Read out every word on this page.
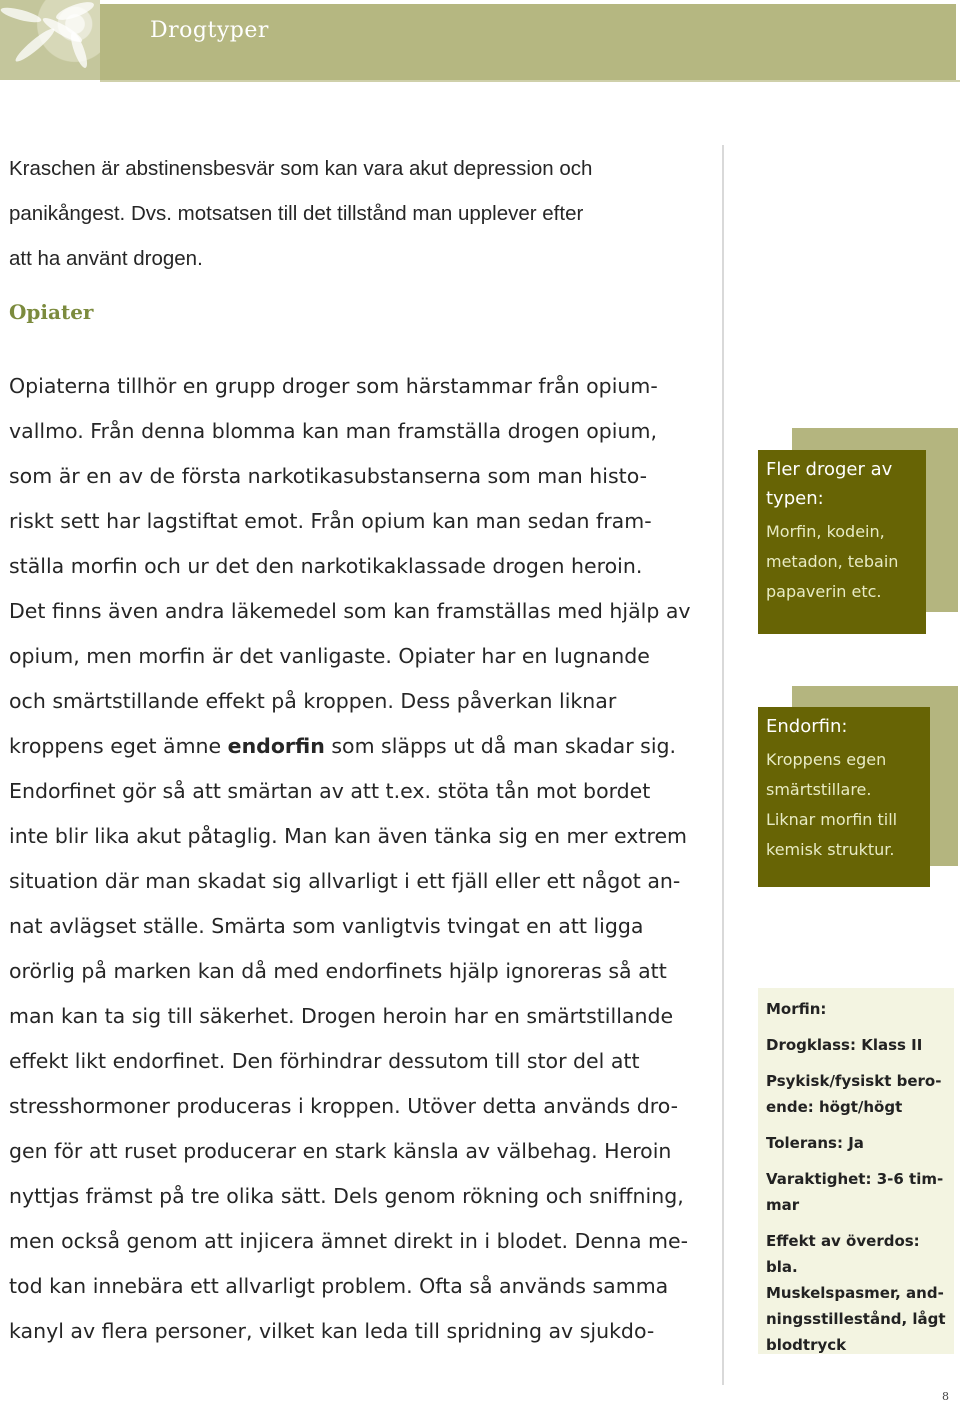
Drogtyper
Kraschen är abstinensbesvär som kan vara akut depression och
panikångest. Dvs. motsatsen till det tillstånd man upplever efter
att ha använt drogen.
Opiater
Opiaterna tillhör en grupp droger som härstammar från opium-
vallmo. Från denna blomma kan man framställa drogen opium,
som är en av de första narkotikasubstanserna som man histo-
riskt sett har lagstiftat emot. Från opium kan man sedan fram-
ställa morfin och ur det den narkotikaklassade drogen heroin.
Det finns även andra läkemedel som kan framställas med hjälp av
opium, men morfin är det vanligaste. Opiater har en lugnande
och smärtstillande effekt på kroppen. Dess påverkan liknar
kroppens eget ämne endorfin som släpps ut då man skadar sig.
Endorfinet gör så att smärtan av att t.ex. stöta tån mot bordet
inte blir lika akut påtaglig. Man kan även tänka sig en mer extrem
situation där man skadat sig allvarligt i ett fjäll eller ett något an-
nat avlägset ställe. Smärta som vanligtvis tvingat en att ligga
orörlig på marken kan då med endorfinets hjälp ignoreras så att
man kan ta sig till säkerhet. Drogen heroin har en smärtstillande
effekt likt endorfinet. Den förhindrar dessutom till stor del att
stresshormoner produceras i kroppen. Utöver detta används dro-
gen för att ruset producerar en stark känsla av välbehag. Heroin
nyttjas främst på tre olika sätt. Dels genom rökning och sniffning,
men också genom att injicera ämnet direkt in i blodet. Denna me-
tod kan innebära ett allvarligt problem. Ofta så används samma
kanyl av flera personer, vilket kan leda till spridning av sjukdo-
Fler droger av
typen:
Morfin, kodein,
metadon, tebain
papaverin etc.
Endorfin:
Kroppens egen
smärtstillare.
Liknar morfin till
kemisk struktur.
Morfin:
Drogklass: Klass II
Psykisk/fysiskt bero-
ende: högt/högt
Tolerans: Ja
Varaktighet: 3-6 tim-
mar
Effekt av överdos: bla.
Muskelspasmer, and-
ningsstillestånd, lågt
blodtryck
8
